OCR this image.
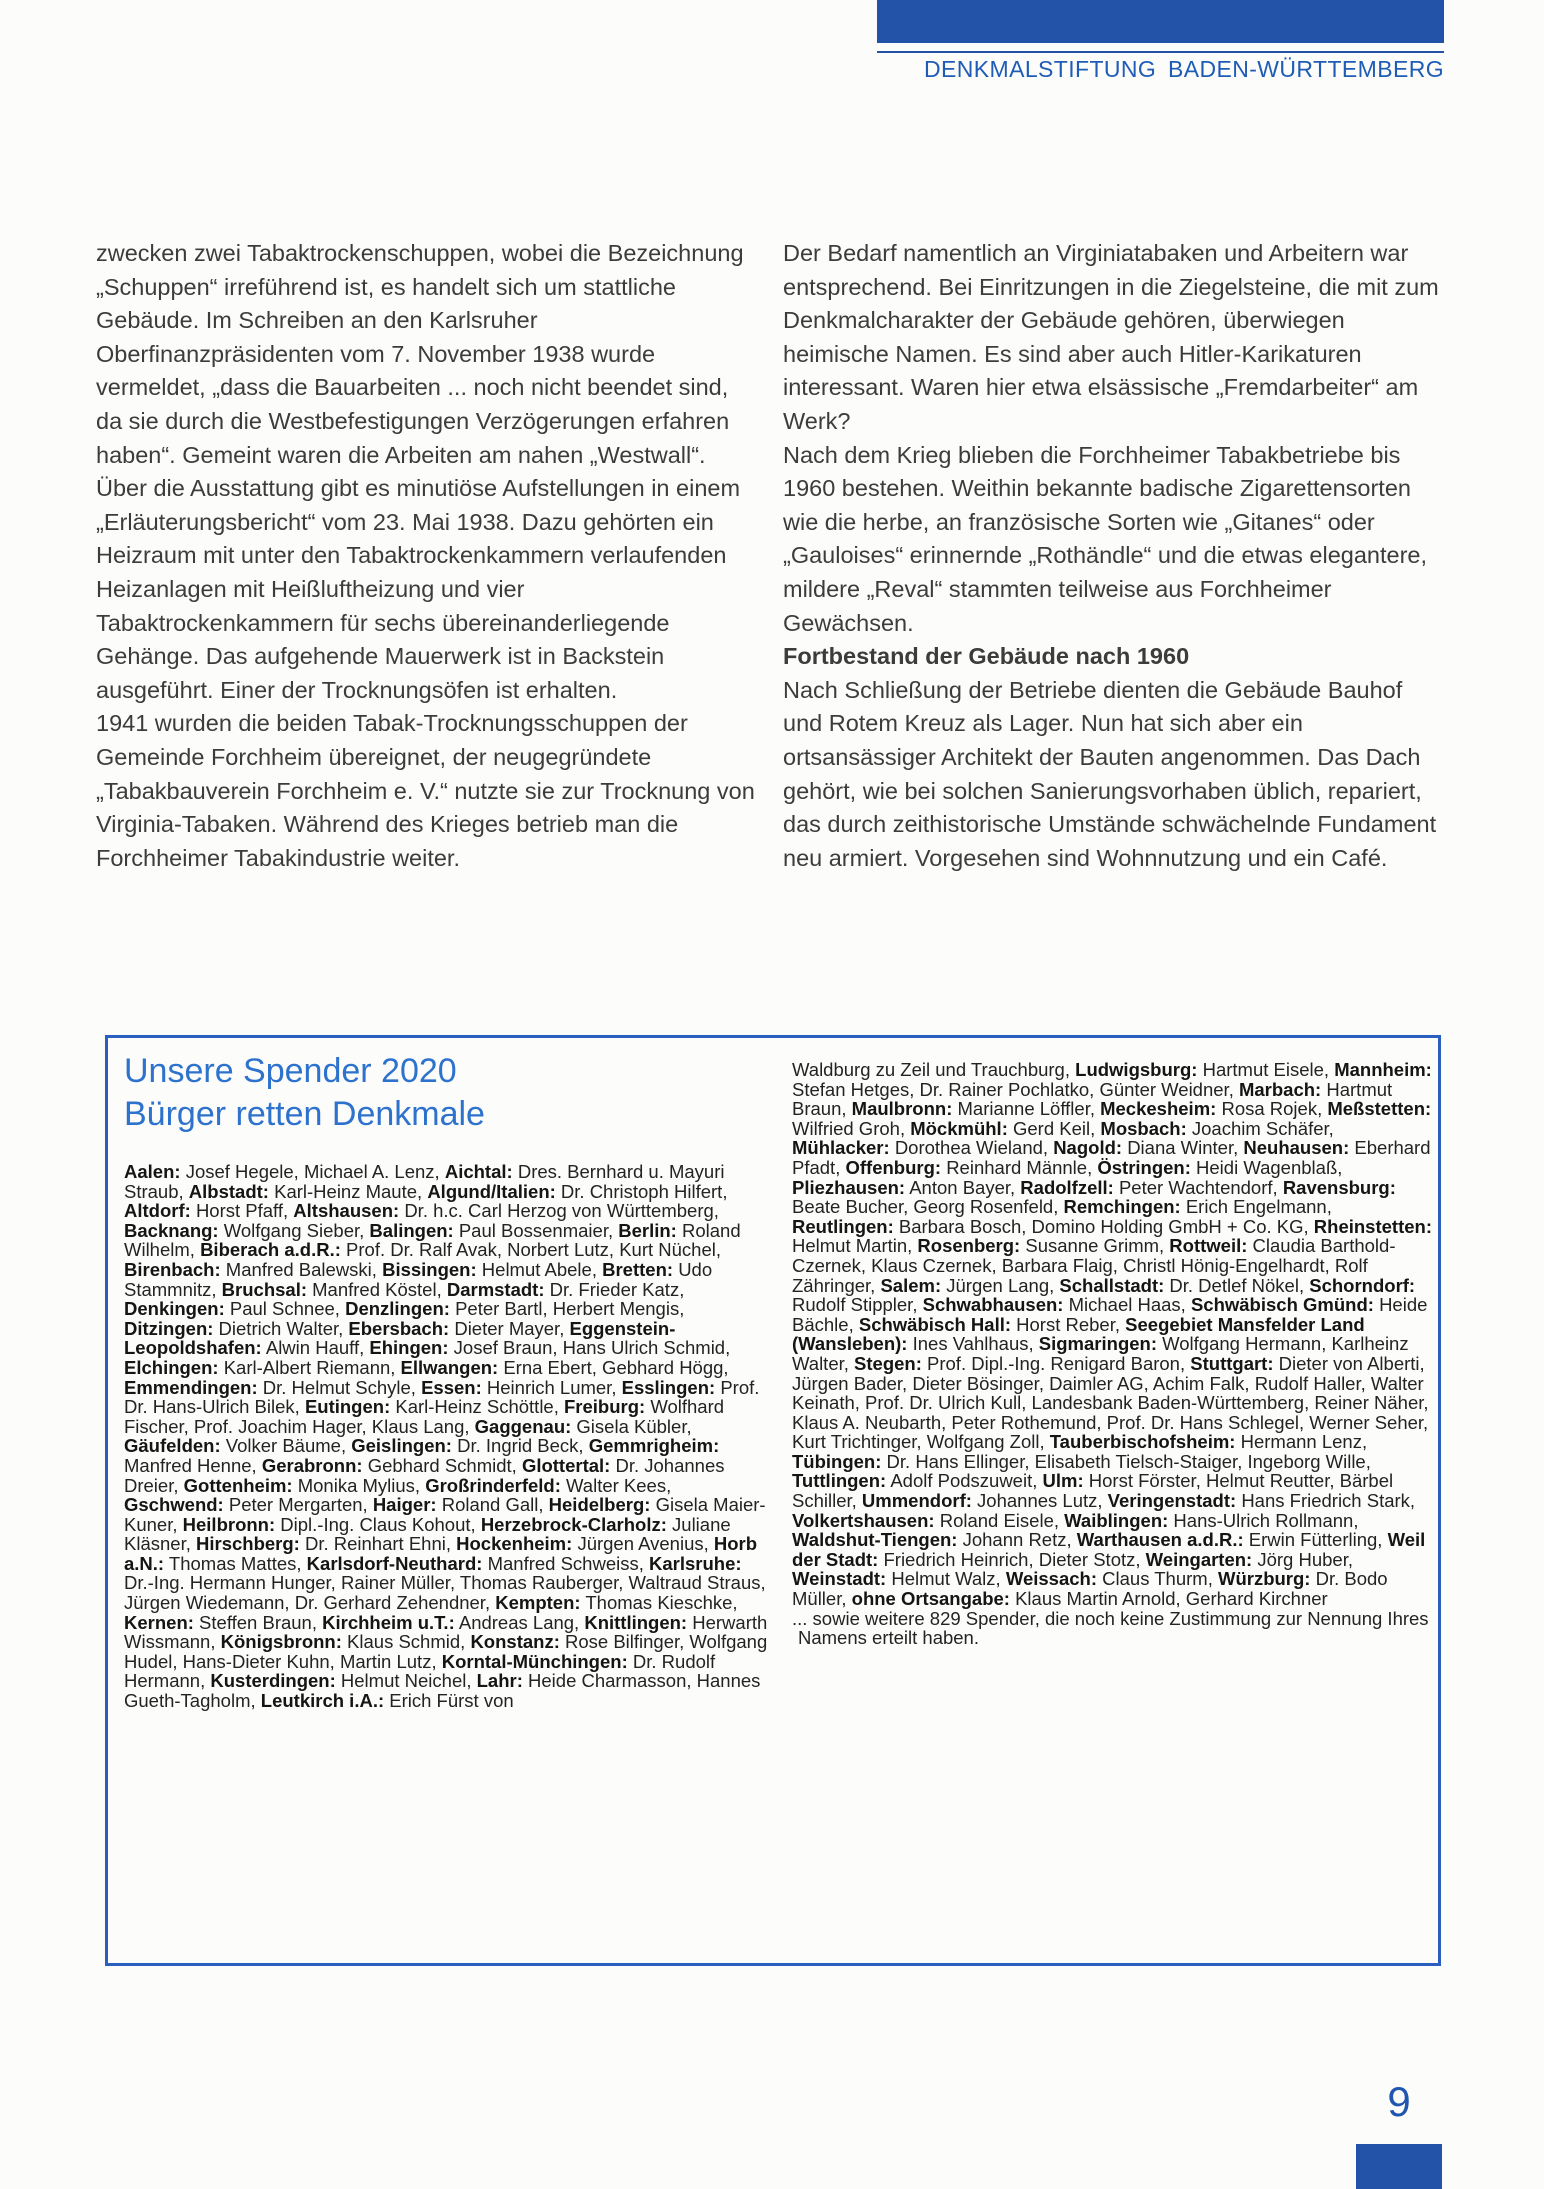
DENKMALSTIFTUNG BADEN-WÜRTTEMBERG

zwecken zwei Tabaktrockenschuppen, wobei die Bezeichnung „Schuppen“ irreführend ist, es handelt sich um stattliche Gebäude. Im Schreiben an den Karlsruher Oberfinanzpräsidenten vom 7. November 1938 wurde vermeldet, „dass die Bauarbeiten ... noch nicht beendet sind, da sie durch die Westbefestigungen Verzögerungen erfahren haben“. Gemeint waren die Arbeiten am nahen „Westwall“.

Über die Ausstattung gibt es minutiöse Aufstellungen in einem „Erläuterungsbericht“ vom 23. Mai 1938. Dazu gehörten ein Heizraum mit unter den Tabaktrockenkammern verlaufenden Heizanlagen mit Heißluftheizung und vier Tabaktrockenkammern für sechs übereinanderliegende Gehänge. Das aufgehende Mauerwerk ist in Backstein ausgeführt. Einer der Trocknungsöfen ist erhalten.

1941 wurden die beiden Tabak-Trocknungsschuppen der Gemeinde Forchheim übereignet, der neugegründete „Tabakbauverein Forchheim e. V.“ nutzte sie zur Trocknung von Virginia-Tabaken. Während des Krieges betrieb man die Forchheimer Tabakindustrie weiter.

Der Bedarf namentlich an Virginiatabaken und Arbeitern war entsprechend. Bei Einritzungen in die Ziegelsteine, die mit zum Denkmalcharakter der Gebäude gehören, überwiegen heimische Namen. Es sind aber auch Hitler-Karikaturen interessant. Waren hier etwa elsässische „Fremdarbeiter“ am Werk?

Nach dem Krieg blieben die Forchheimer Tabakbetriebe bis 1960 bestehen. Weithin bekannte badische Zigarettensorten wie die herbe, an französische Sorten wie „Gitanes“ oder „Gauloises“ erinnernde „Rothändle“ und die etwas elegantere, mildere „Reval“ stammten teilweise aus Forchheimer Gewächsen.

Fortbestand der Gebäude nach 1960

Nach Schließung der Betriebe dienten die Gebäude Bauhof und Rotem Kreuz als Lager. Nun hat sich aber ein ortsansässiger Architekt der Bauten angenommen. Das Dach gehört, wie bei solchen Sanierungsvorhaben üblich, repariert, das durch zeithistorische Umstände schwächelnde Fundament neu armiert. Vorgesehen sind Wohnnutzung und ein Café.

Unsere Spender 2020
Bürger retten Denkmale
Aalen: Josef Hegele, Michael A. Lenz, Aichtal: Dres. Bernhard u. Mayuri Straub, Albstadt: Karl-Heinz Maute, Algund/Italien: Dr. Christoph Hilfert, Altdorf: Horst Pfaff, Altshausen: Dr. h.c. Carl Herzog von Württemberg, Backnang: Wolfgang Sieber, Balingen: Paul Bossenmaier, Berlin: Roland Wilhelm, Biberach a.d.R.: Prof. Dr. Ralf Avak, Norbert Lutz, Kurt Nüchel, Birenbach: Manfred Balewski, Bissingen: Helmut Abele, Bretten: Udo Stammnitz, Bruchsal: Manfred Köstel, Darmstadt: Dr. Frieder Katz, Denkingen: Paul Schnee, Denzlingen: Peter Bartl, Herbert Mengis, Ditzingen: Dietrich Walter, Ebersbach: Dieter Mayer, Eggenstein-Leopoldshafen: Alwin Hauff, Ehingen: Josef Braun, Hans Ulrich Schmid, Elchingen: Karl-Albert Riemann, Ellwangen: Erna Ebert, Gebhard Högg, Emmendingen: Dr. Helmut Schyle, Essen: Heinrich Lumer, Esslingen: Prof. Dr. Hans-Ulrich Bilek, Eutingen: Karl-Heinz Schöttle, Freiburg: Wolfhard Fischer, Prof. Joachim Hager, Klaus Lang, Gaggenau: Gisela Kübler, Gäufelden: Volker Bäume, Geislingen: Dr. Ingrid Beck, Gemmrigheim: Manfred Henne, Gerabronn: Gebhard Schmidt, Glottertal: Dr. Johannes Dreier, Gottenheim: Monika Mylius, Großrinderfeld: Walter Kees, Gschwend: Peter Mergarten, Haiger: Roland Gall, Heidelberg: Gisela Maier-Kuner, Heilbronn: Dipl.-Ing. Claus Kohout, Herzebrock-Clarholz: Juliane Kläsner, Hirschberg: Dr. Reinhart Ehni, Hockenheim: Jürgen Avenius, Horb a.N.: Thomas Mattes, Karlsdorf-Neuthard: Manfred Schweiss, Karlsruhe: Dr.-Ing. Hermann Hunger, Rainer Müller, Thomas Rauberger, Waltraud Straus, Jürgen Wiedemann, Dr. Gerhard Zehendner, Kempten: Thomas Kieschke, Kernen: Steffen Braun, Kirchheim u.T.: Andreas Lang, Knittlingen: Herwarth Wissmann, Königsbronn: Klaus Schmid, Konstanz: Rose Bilfinger, Wolfgang Hudel, Hans-Dieter Kuhn, Martin Lutz, Korntal-Münchingen: Dr. Rudolf Hermann, Kusterdingen: Helmut Neichel, Lahr: Heide Charmasson, Hannes Gueth-Tagholm, Leutkirch i.A.: Erich Fürst von
Waldburg zu Zeil und Trauchburg, Ludwigsburg: Hartmut Eisele, Mannheim: Stefan Hetges, Dr. Rainer Pochlatko, Günter Weidner, Marbach: Hartmut Braun, Maulbronn: Marianne Löffler, Meckesheim: Rosa Rojek, Meßstetten: Wilfried Groh, Möckmühl: Gerd Keil, Mosbach: Joachim Schäfer, Mühlacker: Dorothea Wieland, Nagold: Diana Winter, Neuhausen: Eberhard Pfadt, Offenburg: Reinhard Männle, Östringen: Heidi Wagenblaß, Pliezhausen: Anton Bayer, Radolfzell: Peter Wachtendorf, Ravensburg: Beate Bucher, Georg Rosenfeld, Remchingen: Erich Engelmann, Reutlingen: Barbara Bosch, Domino Holding GmbH + Co. KG, Rheinstetten: Helmut Martin, Rosenberg: Susanne Grimm, Rottweil: Claudia Barthold-Czernek, Klaus Czernek, Barbara Flaig, Christl Hönig-Engelhardt, Rolf Zähringer, Salem: Jürgen Lang, Schallstadt: Dr. Detlef Nökel, Schorndorf: Rudolf Stippler, Schwabhausen: Michael Haas, Schwäbisch Gmünd: Heide Bächle, Schwäbisch Hall: Horst Reber, Seegebiet Mansfelder Land (Wansleben): Ines Vahlhaus, Sigmaringen: Wolfgang Hermann, Karlheinz Walter, Stegen: Prof. Dipl.-Ing. Renigard Baron, Stuttgart: Dieter von Alberti, Jürgen Bader, Dieter Bösinger, Daimler AG, Achim Falk, Rudolf Haller, Walter Keinath, Prof. Dr. Ulrich Kull, Landesbank Baden-Württemberg, Reiner Näher, Klaus A. Neubarth, Peter Rothemund, Prof. Dr. Hans Schlegel, Werner Seher, Kurt Trichtinger, Wolfgang Zoll, Tauberbischofsheim: Hermann Lenz, Tübingen: Dr. Hans Ellinger, Elisabeth Tielsch-Staiger, Ingeborg Wille, Tuttlingen: Adolf Podszuweit, Ulm: Horst Förster, Helmut Reutter, Bärbel Schiller, Ummendorf: Johannes Lutz, Veringenstadt: Hans Friedrich Stark, Volkertshausen: Roland Eisele, Waiblingen: Hans-Ulrich Rollmann, Waldshut-Tiengen: Johann Retz, Warthausen a.d.R.: Erwin Fütterling, Weil der Stadt: Friedrich Heinrich, Dieter Stotz, Weingarten: Jörg Huber, Weinstadt: Helmut Walz, Weissach: Claus Thurm, Würzburg: Dr. Bodo Müller, ohne Ortsangabe: Klaus Martin Arnold, Gerhard Kirchner

... sowie weitere 829 Spender, die noch keine Zustimmung zur Nennung Ihres Namens erteilt haben.

9
